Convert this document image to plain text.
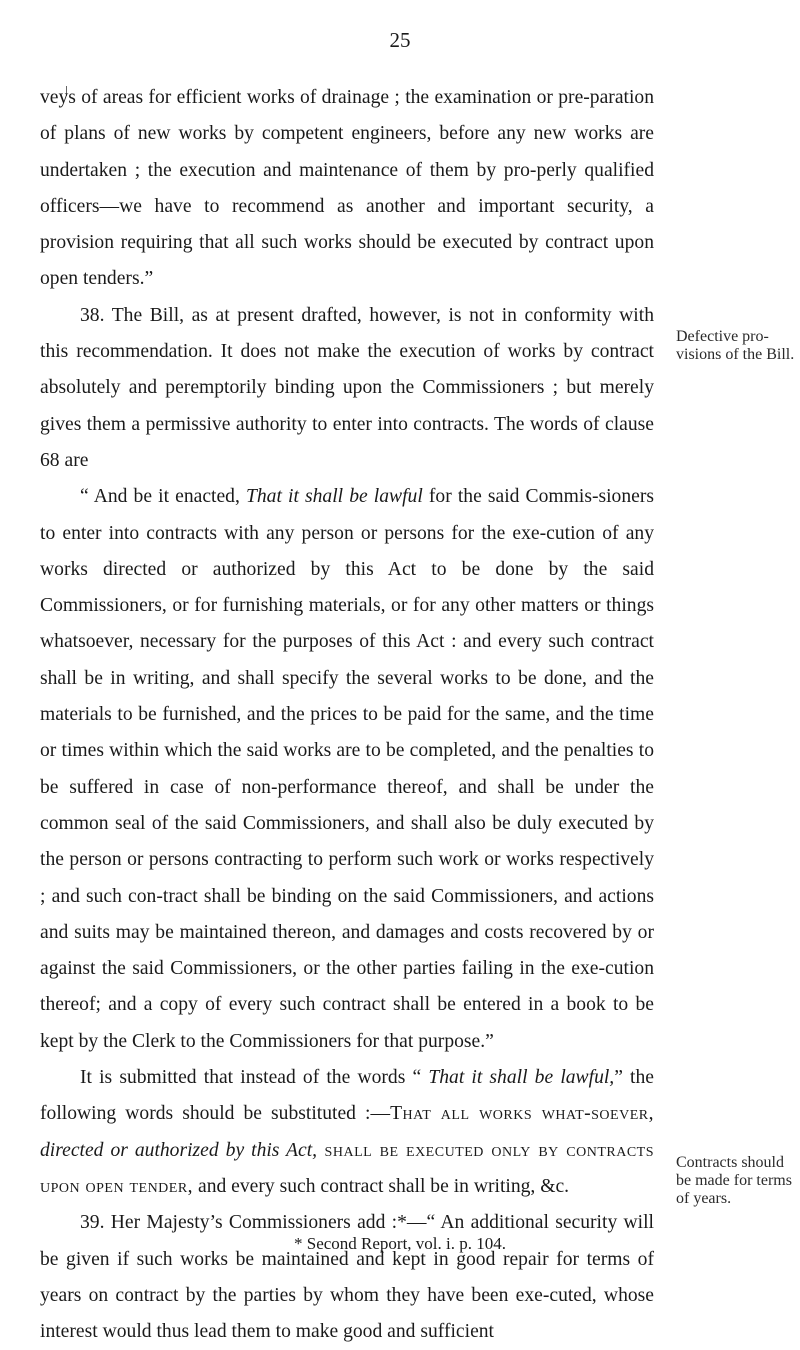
25

veys of areas for efficient works of drainage ; the examination or pre-paration of plans of new works by competent engineers, before any new works are undertaken ; the execution and maintenance of them by pro-perly qualified officers—we have to recommend as another and important security, a provision requiring that all such works should be executed by contract upon open tenders.”

38. The Bill, as at present drafted, however, is not in conformity with this recommendation. It does not make the execution of works by contract absolutely and peremptorily binding upon the Commissioners ; but merely gives them a permissive authority to enter into contracts. The words of clause 68 are

“ And be it enacted, That it shall be lawful for the said Commis-sioners to enter into contracts with any person or persons for the exe-cution of any works directed or authorized by this Act to be done by the said Commissioners, or for furnishing materials, or for any other matters or things whatsoever, necessary for the purposes of this Act : and every such contract shall be in writing, and shall specify the several works to be done, and the materials to be furnished, and the prices to be paid for the same, and the time or times within which the said works are to be completed, and the penalties to be suffered in case of non-performance thereof, and shall be under the common seal of the said Commissioners, and shall also be duly executed by the person or persons contracting to perform such work or works respectively ; and such con-tract shall be binding on the said Commissioners, and actions and suits may be maintained thereon, and damages and costs recovered by or against the said Commissioners, or the other parties failing in the exe-cution thereof; and a copy of every such contract shall be entered in a book to be kept by the Clerk to the Commissioners for that purpose.”

It is submitted that instead of the words “ That it shall be lawful,” the following words should be substituted :—That all works what-soever, directed or authorized by this Act, shall be executed only by contracts upon open tender, and every such contract shall be in writing, &c.

39. Her Majesty’s Commissioners add :*—“ An additional security will be given if such works be maintained and kept in good repair for terms of years on contract by the parties by whom they have been exe-cuted, whose interest would thus lead them to make good and sufficient

Defective pro-visions of the Bill.
Contracts should be made for terms of years.
* Second Report, vol. i. p. 104.
